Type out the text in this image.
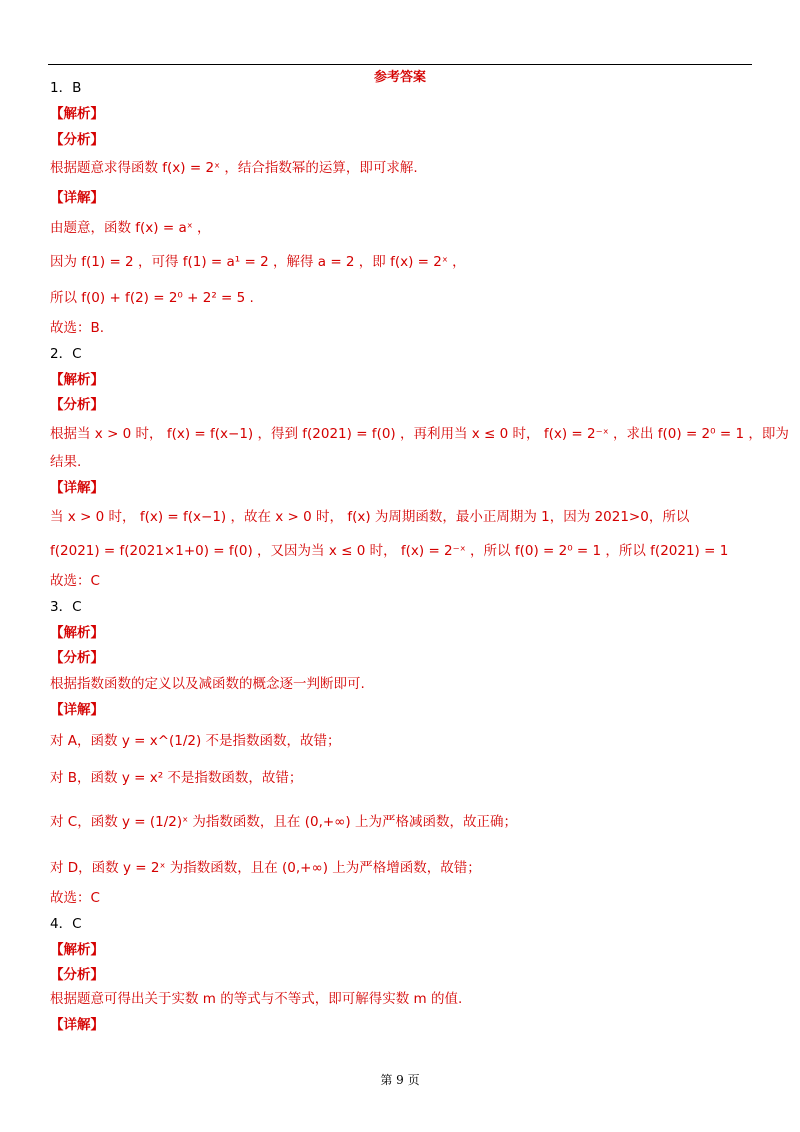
参考答案
1．B
【解析】
【分析】
根据题意求得函数 f(x) = 2ˣ ，结合指数幂的运算，即可求解.
【详解】
由题意，函数 f(x) = aˣ ，
因为 f(1) = 2 ，可得 f(1) = a¹ = 2 ，解得 a = 2 ，即 f(x) = 2ˣ ，
所以 f(0) + f(2) = 2⁰ + 2² = 5 .
故选：B.
2．C
【解析】
【分析】
根据当 x > 0 时， f(x) = f(x−1) ，得到 f(2021) = f(0) ，再利用当 x ≤ 0 时， f(x) = 2⁻ˣ ，求出 f(0) = 2⁰ = 1 ，即为
结果.
【详解】
当 x > 0 时， f(x) = f(x−1) ，故在 x > 0 时， f(x) 为周期函数，最小正周期为 1，因为 2021>0，所以
f(2021) = f(2021×1+0) = f(0) ，又因为当 x ≤ 0 时， f(x) = 2⁻ˣ ，所以 f(0) = 2⁰ = 1 ，所以 f(2021) = 1
故选：C
3．C
【解析】
【分析】
根据指数函数的定义以及减函数的概念逐一判断即可.
【详解】
对 A，函数 y = x^(1/2) 不是指数函数，故错；
对 B，函数 y = x² 不是指数函数，故错；
对 C，函数 y = (1/2)ˣ 为指数函数，且在 (0,+∞) 上为严格减函数，故正确；
对 D，函数 y = 2ˣ 为指数函数，且在 (0,+∞) 上为严格增函数，故错；
故选：C
4．C
【解析】
【分析】
根据题意可得出关于实数 m 的等式与不等式，即可解得实数 m 的值.
【详解】
第 9 页
